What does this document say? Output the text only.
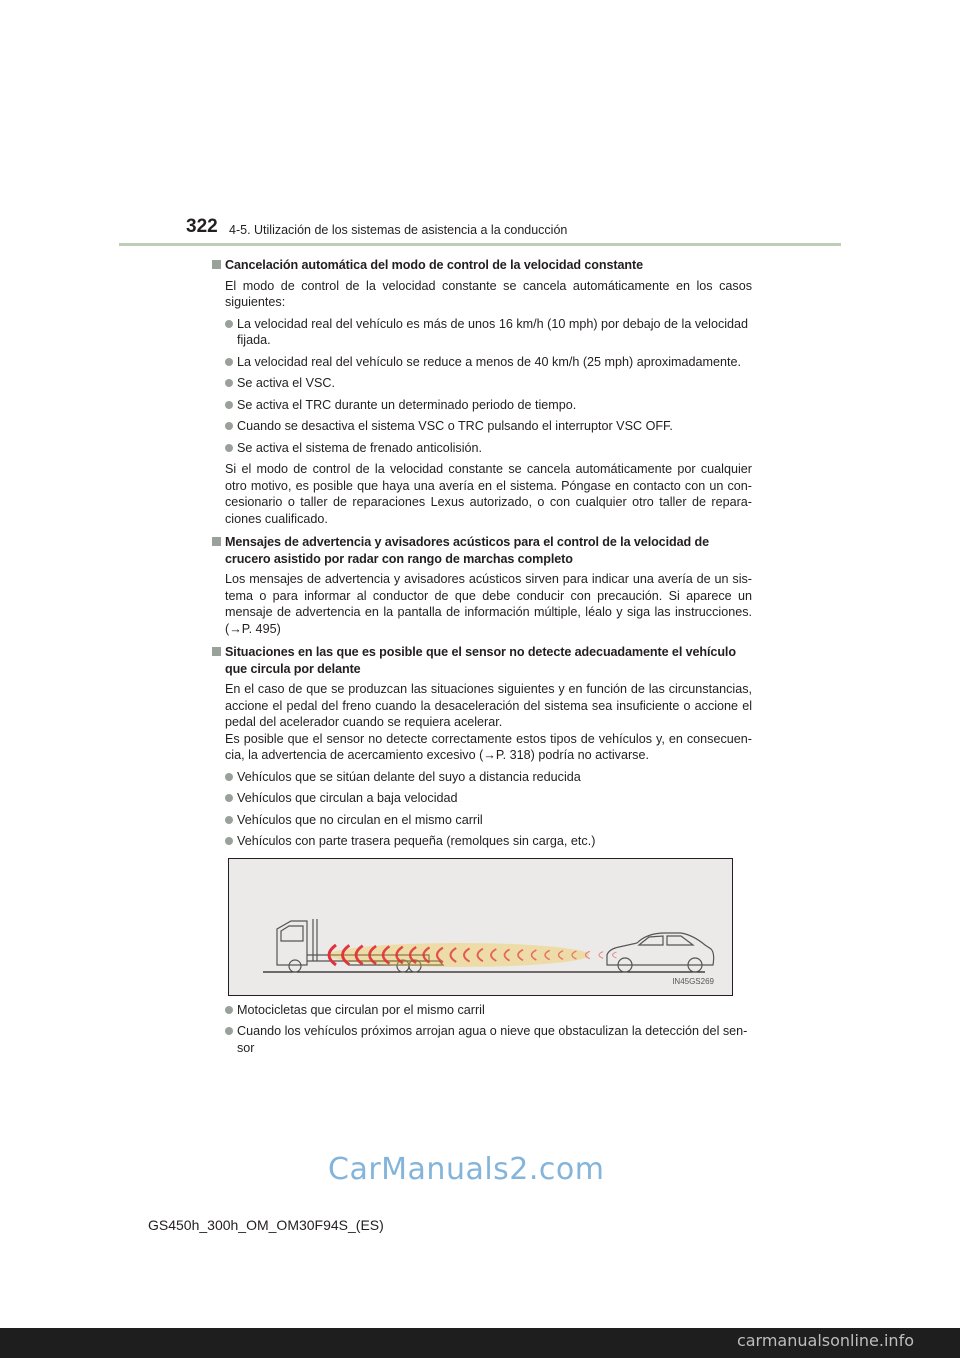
322 4-5. Utilización de los sistemas de asistencia a la conducción
Cancelación automática del modo de control de la velocidad constante
El modo de control de la velocidad constante se cancela automáticamente en los casos siguientes:
La velocidad real del vehículo es más de unos 16 km/h (10 mph) por debajo de la velocidad fijada.
La velocidad real del vehículo se reduce a menos de 40 km/h (25 mph) aproximadamente.
Se activa el VSC.
Se activa el TRC durante un determinado periodo de tiempo.
Cuando se desactiva el sistema VSC o TRC pulsando el interruptor VSC OFF.
Se activa el sistema de frenado anticolisión.
Si el modo de control de la velocidad constante se cancela automáticamente por cualquier otro motivo, es posible que haya una avería en el sistema. Póngase en contacto con un con-cesionario o taller de reparaciones Lexus autorizado, o con cualquier otro taller de repara-ciones cualificado.
Mensajes de advertencia y avisadores acústicos para el control de la velocidad de crucero asistido por radar con rango de marchas completo
Los mensajes de advertencia y avisadores acústicos sirven para indicar una avería de un sis-tema o para informar al conductor de que debe conducir con precaución. Si aparece un mensaje de advertencia en la pantalla de información múltiple, léalo y siga las instrucciones. (→P. 495)
Situaciones en las que es posible que el sensor no detecte adecuadamente el vehículo que circula por delante
En el caso de que se produzcan las situaciones siguientes y en función de las circunstancias, accione el pedal del freno cuando la desaceleración del sistema sea insuficiente o accione el pedal del acelerador cuando se requiera acelerar.
Es posible que el sensor no detecte correctamente estos tipos de vehículos y, en consecuen-cia, la advertencia de acercamiento excesivo (→P. 318) podría no activarse.
Vehículos que se sitúan delante del suyo a distancia reducida
Vehículos que circulan a baja velocidad
Vehículos que no circulan en el mismo carril
Vehículos con parte trasera pequeña (remolques sin carga, etc.)
IN45GS269
Motocicletas que circulan por el mismo carril
Cuando los vehículos próximos arrojan agua o nieve que obstaculizan la detección del sen-sor
CarManuals2.com
GS450h_300h_OM_OM30F94S_(ES)
carmanualsonline.info
